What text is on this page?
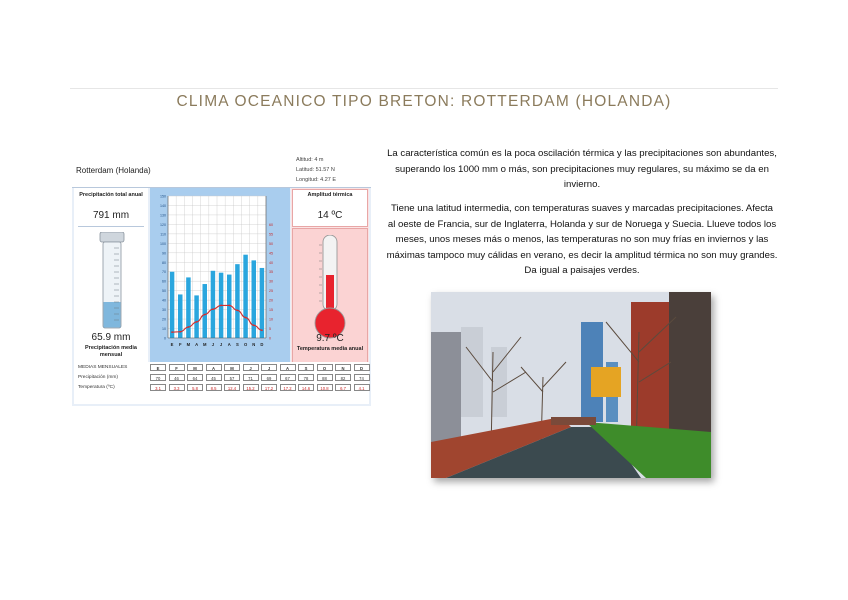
CLIMA OCEANICO TIPO BRETON: ROTTERDAM (HOLANDA)
La característica común es la poca oscilación térmica y las precipitaciones son abundantes, superando los 1000 mm o más, son precipitaciones muy regulares, su máximo se da en invierno.
Tiene una latitud intermedia, con temperaturas suaves y marcadas precipitaciones. Afecta al oeste de Francia, sur de Inglaterra, Holanda y sur de Noruega y Suecia. Llueve todos los meses, unos meses más o menos, las temperaturas no son muy frías en inviernos y las máximas tampoco muy cálidas en verano, es decir la amplitud térmica no son muy grandes. Da igual a paisajes verdes.
Rotterdam (Holanda)
Altitud: 4 m
Latitud: 51.57 N
Longitud: 4.27 E
Precipitación total anual
791 mm
65.9 mm
Precipitación media mensual
0
10
20
30
40
50
60
70
80
90
100
110
120
130
140
150
0
5
10
15
20
25
30
35
40
45
50
55
60
E F M A M J J A S O N D
Amplitud térmica
14 ºC
9.7 ºC
Temperatura media anual
MEDIAS MENSUALES	E	F	M	A	M	J	J	A	S	O	N	D
Precipitación (mm)	70	46	64	45	57	71	69	67	78	88	82	74
Temperatura (ºC)	3.1	3.3	5.8	8.5	12.4	15.2	17.2	17.2	14.6	10.8	6.7	4.1
